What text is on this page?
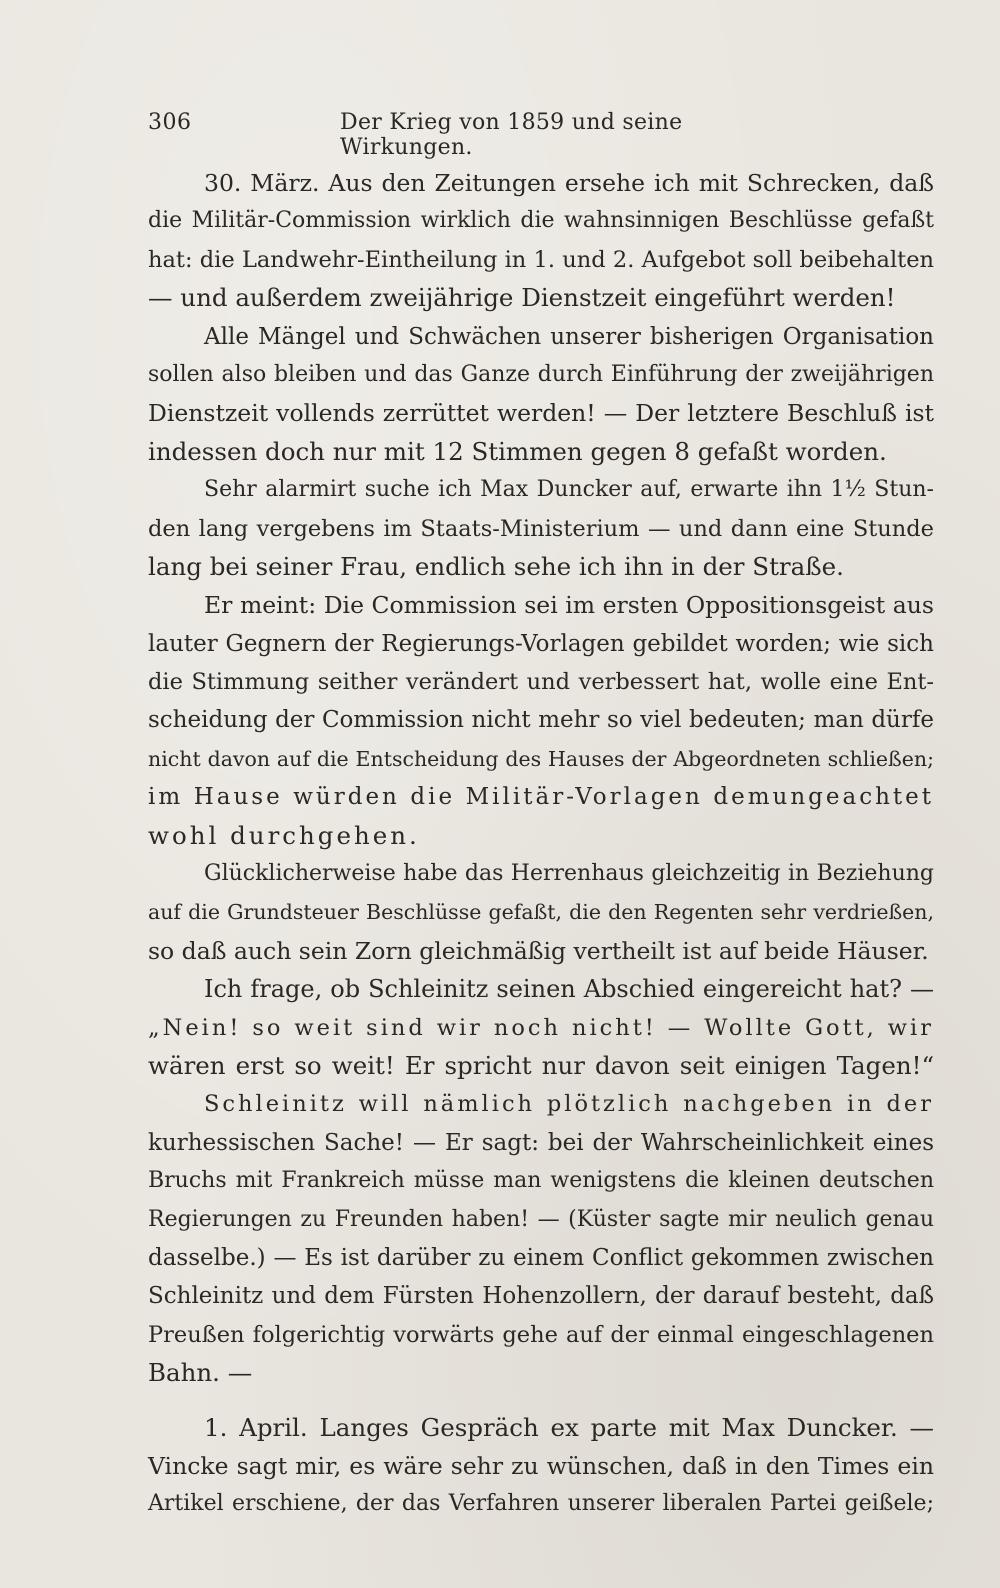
306	Der Krieg von 1859 und seine Wirkungen.
30. März. Aus den Zeitungen ersehe ich mit Schrecken, daß
die Militär-Commission wirklich die wahnsinnigen Beschlüsse gefaßt
hat: die Landwehr-Eintheilung in 1. und 2. Aufgebot soll beibehalten
— und außerdem zweijährige Dienstzeit eingeführt werden!
Alle Mängel und Schwächen unserer bisherigen Organisation
sollen also bleiben und das Ganze durch Einführung der zweijährigen
Dienstzeit vollends zerrüttet werden! — Der letztere Beschluß ist
indessen doch nur mit 12 Stimmen gegen 8 gefaßt worden.
Sehr alarmirt suche ich Max Duncker auf, erwarte ihn 1½ Stun-
den lang vergebens im Staats-Ministerium — und dann eine Stunde
lang bei seiner Frau, endlich sehe ich ihn in der Straße.
Er meint: Die Commission sei im ersten Oppositionsgeist aus
lauter Gegnern der Regierungs-Vorlagen gebildet worden; wie sich
die Stimmung seither verändert und verbessert hat, wolle eine Ent-
scheidung der Commission nicht mehr so viel bedeuten; man dürfe
nicht davon auf die Entscheidung des Hauses der Abgeordneten schließen;
im Hause würden die Militär-Vorlagen demungeachtet
wohl durchgehen.
Glücklicherweise habe das Herrenhaus gleichzeitig in Beziehung
auf die Grundsteuer Beschlüsse gefaßt, die den Regenten sehr verdrießen,
so daß auch sein Zorn gleichmäßig vertheilt ist auf beide Häuser.
Ich frage, ob Schleinitz seinen Abschied eingereicht hat? —
„Nein! so weit sind wir noch nicht! — Wollte Gott, wir
wären erst so weit! Er spricht nur davon seit einigen Tagen!“
Schleinitz will nämlich plötzlich nachgeben in der
kurhessischen Sache! — Er sagt: bei der Wahrscheinlichkeit eines
Bruchs mit Frankreich müsse man wenigstens die kleinen deutschen
Regierungen zu Freunden haben! — (Küster sagte mir neulich genau
dasselbe.) — Es ist darüber zu einem Conflict gekommen zwischen
Schleinitz und dem Fürsten Hohenzollern, der darauf besteht, daß
Preußen folgerichtig vorwärts gehe auf der einmal eingeschlagenen
Bahn. —
1. April. Langes Gespräch ex parte mit Max Duncker. —
Vincke sagt mir, es wäre sehr zu wünschen, daß in den Times ein
Artikel erschiene, der das Verfahren unserer liberalen Partei geißele;
